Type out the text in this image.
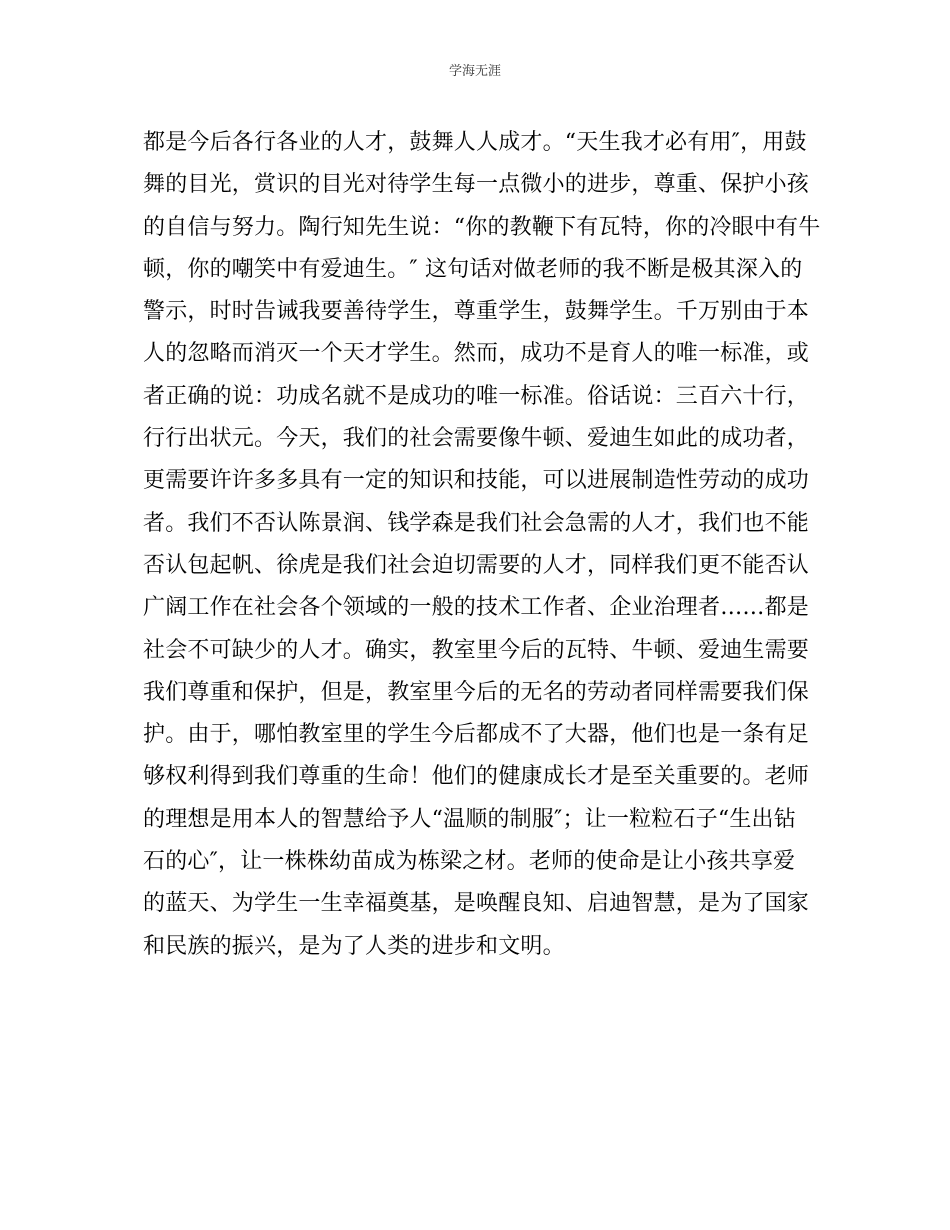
学海无涯
都是今后各行各业的人才，鼓舞人人成才。“天生我才必有用″，用鼓
舞的目光，赏识的目光对待学生每一点微小的进步，尊重、保护小孩
的自信与努力。陶行知先生说：“你的教鞭下有瓦特，你的冷眼中有牛
顿，你的嘲笑中有爱迪生。″ 这句话对做老师的我不断是极其深入的
警示，时时告诫我要善待学生，尊重学生，鼓舞学生。千万别由于本
人的忽略而消灭一个天才学生。然而，成功不是育人的唯一标准，或
者正确的说：功成名就不是成功的唯一标准。俗话说：三百六十行，
行行出状元。今天，我们的社会需要像牛顿、爱迪生如此的成功者，
更需要许许多多具有一定的知识和技能，可以进展制造性劳动的成功
者。我们不否认陈景润、钱学森是我们社会急需的人才，我们也不能
否认包起帆、徐虎是我们社会迫切需要的人才，同样我们更不能否认
广阔工作在社会各个领域的一般的技术工作者、企业治理者……都是
社会不可缺少的人才。确实，教室里今后的瓦特、牛顿、爱迪生需要
我们尊重和保护，但是，教室里今后的无名的劳动者同样需要我们保
护。由于，哪怕教室里的学生今后都成不了大器，他们也是一条有足
够权利得到我们尊重的生命！他们的健康成长才是至关重要的。老师
的理想是用本人的智慧给予人“温顺的制服″；让一粒粒石子“生出钻
石的心″，让一株株幼苗成为栋梁之材。老师的使命是让小孩共享爱
的蓝天、为学生一生幸福奠基，是唤醒良知、启迪智慧，是为了国家
和民族的振兴，是为了人类的进步和文明。
